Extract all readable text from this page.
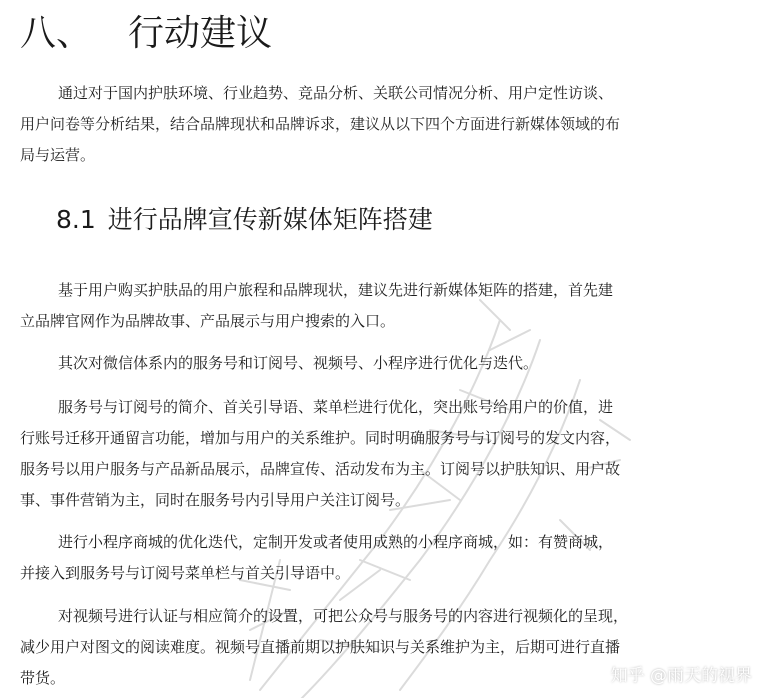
八、 行动建议
通过对于国内护肤环境、行业趋势、竞品分析、关联公司情况分析、用户定性访谈、
用户问卷等分析结果，结合品牌现状和品牌诉求，建议从以下四个方面进行新媒体领域的布
局与运营。
8.1 进行品牌宣传新媒体矩阵搭建
基于用户购买护肤品的用户旅程和品牌现状，建议先进行新媒体矩阵的搭建，首先建
立品牌官网作为品牌故事、产品展示与用户搜索的入口。
其次对微信体系内的服务号和订阅号、视频号、小程序进行优化与迭代。
服务号与订阅号的简介、首关引导语、菜单栏进行优化，突出账号给用户的价值，进
行账号迁移开通留言功能，增加与用户的关系维护。同时明确服务号与订阅号的发文内容，
服务号以用户服务与产品新品展示，品牌宣传、活动发布为主。订阅号以护肤知识、用户故
事、事件营销为主，同时在服务号内引导用户关注订阅号。
进行小程序商城的优化迭代，定制开发或者使用成熟的小程序商城，如：有赞商城，
并接入到服务号与订阅号菜单栏与首关引导语中。
对视频号进行认证与相应简介的设置，可把公众号与服务号的内容进行视频化的呈现，
减少用户对图文的阅读难度。视频号直播前期以护肤知识与关系维护为主，后期可进行直播
带货。	知乎 @雨天的视界
